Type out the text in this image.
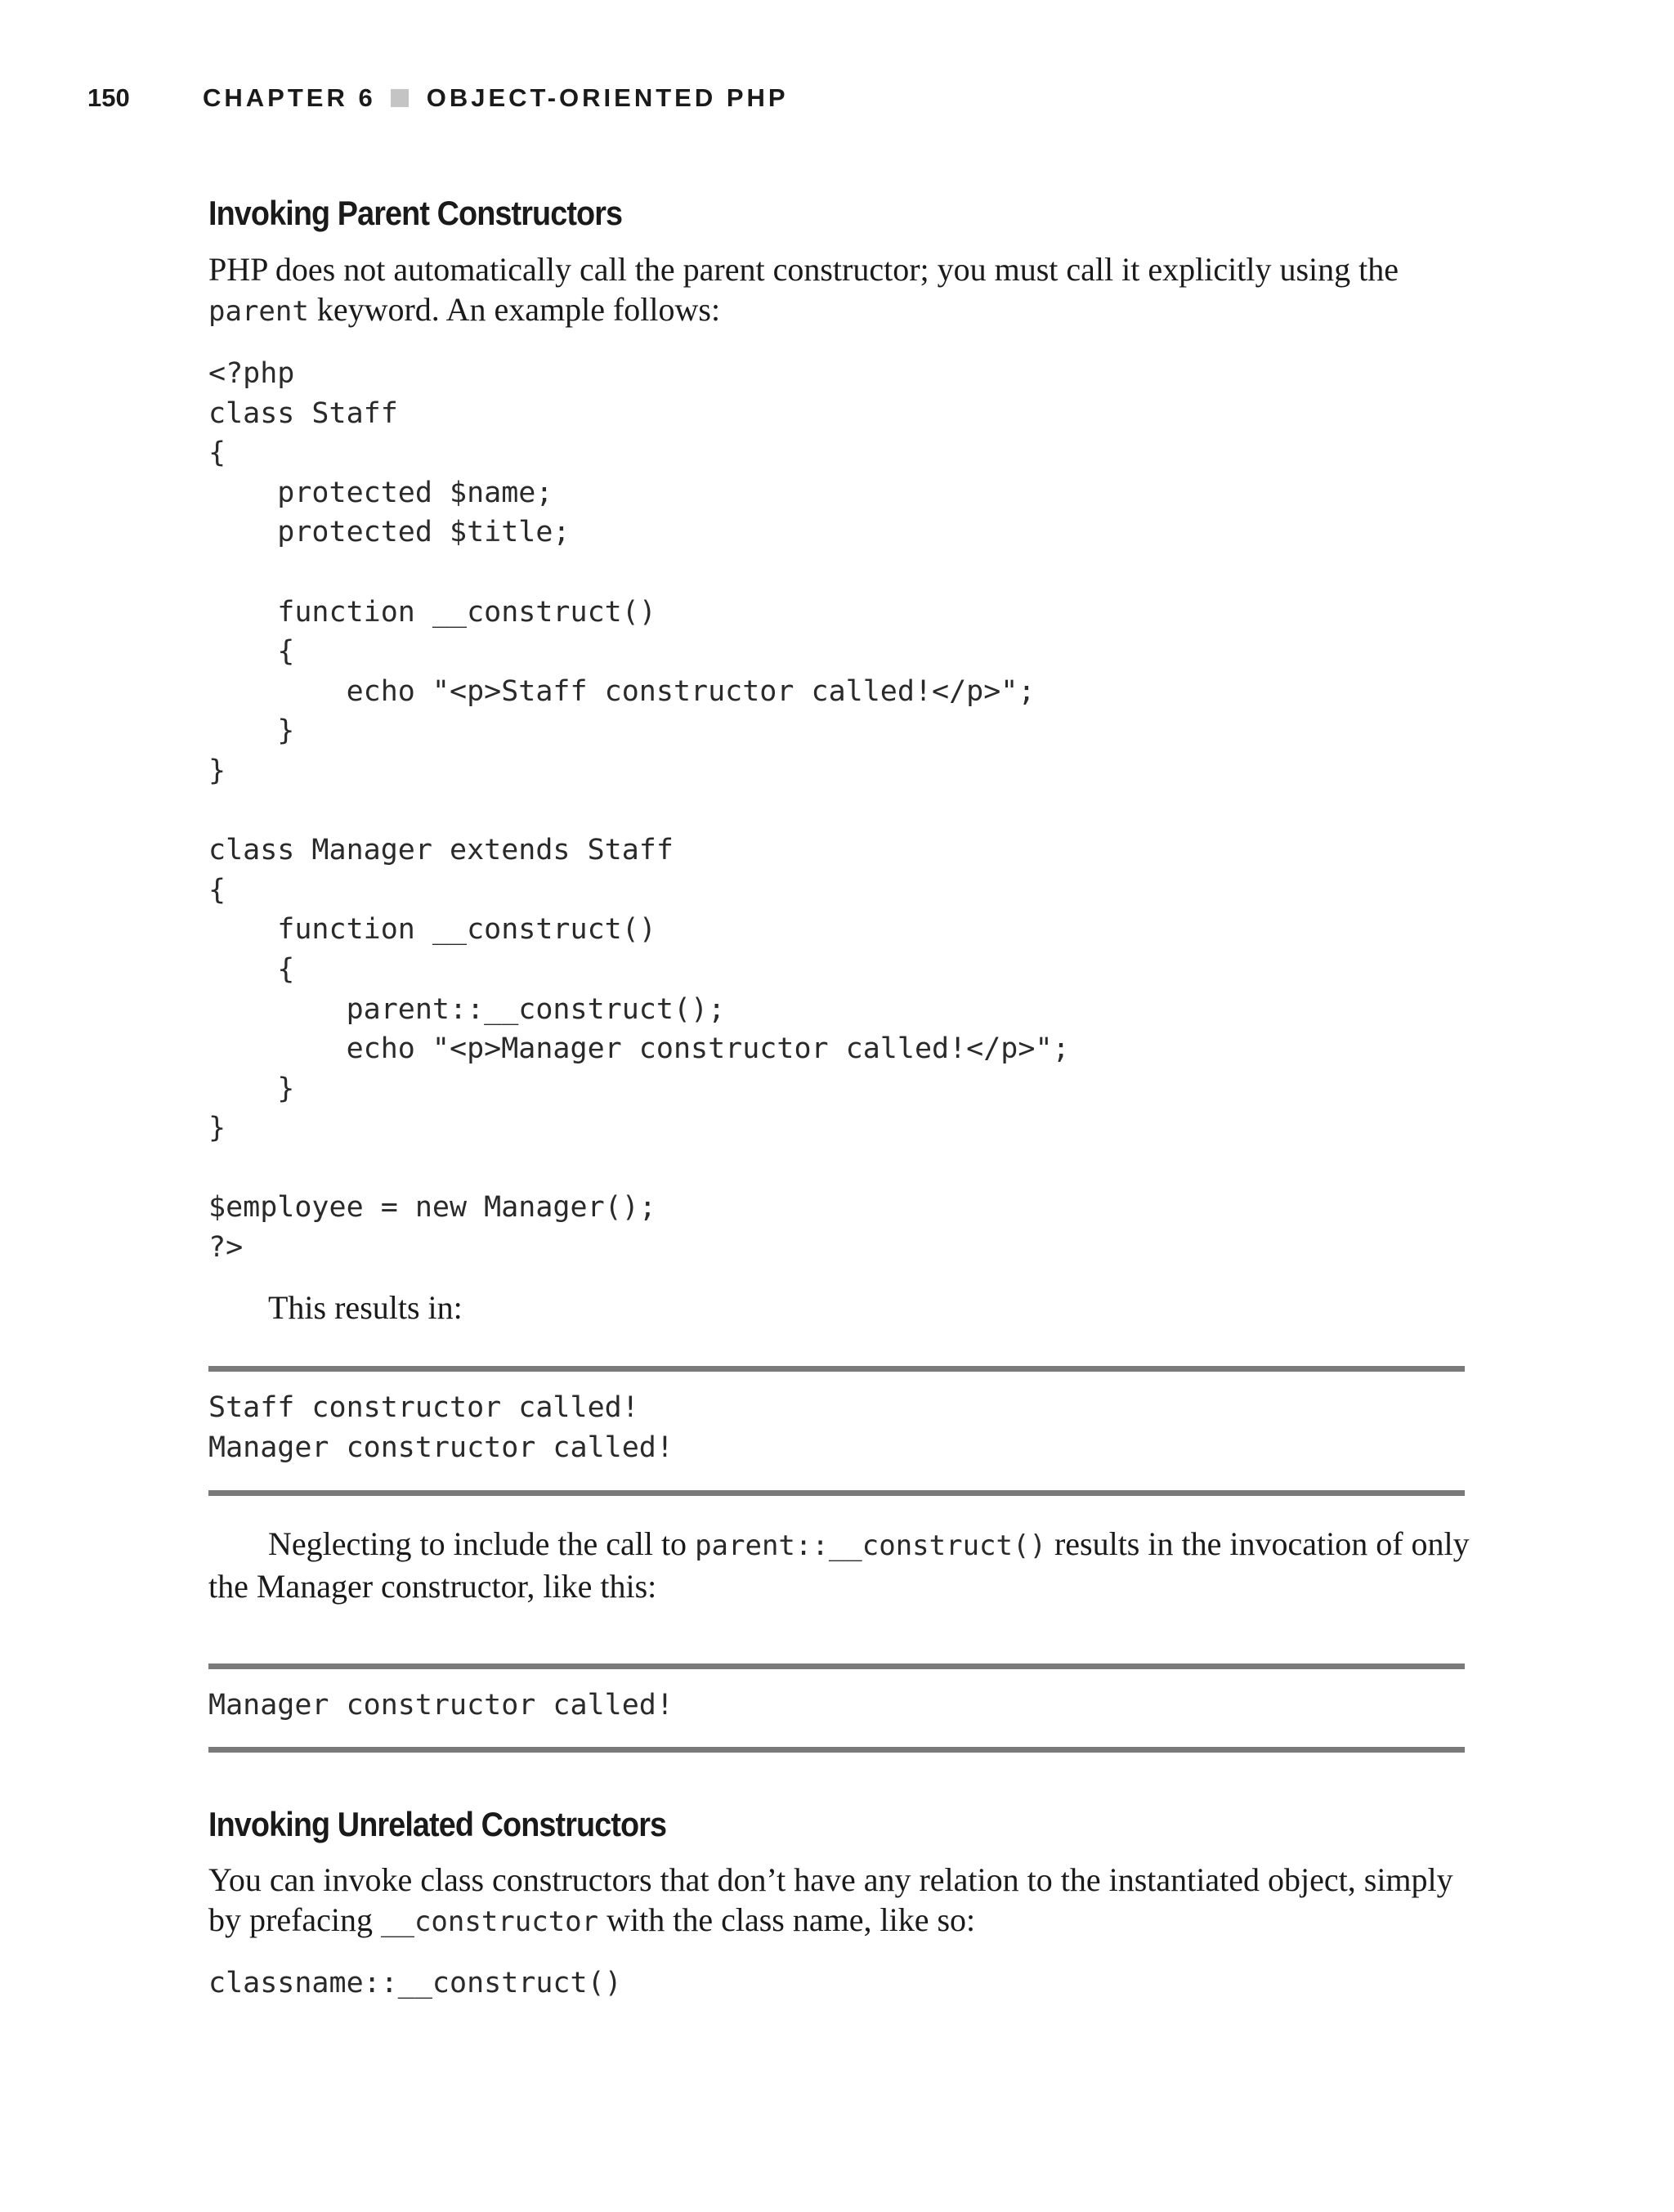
150	CHAPTER 6 OBJECT-ORIENTED PHP
Invoking Parent Constructors

PHP does not automatically call the parent constructor; you must call it explicitly using the parent keyword. An example follows:

<?php
class Staff
{
protected $name;
protected $title;

function __construct()
{
echo "<p>Staff constructor called!</p>";
}
}

class Manager extends Staff
{
function __construct()
{
parent::__construct();
echo "<p>Manager constructor called!</p>";
}
}

$employee = new Manager();
?>

This results in:

Staff constructor called!
Manager constructor called!

Neglecting to include the call to parent::__construct() results in the invocation of only the Manager constructor, like this:

Manager constructor called!
Invoking Unrelated Constructors

You can invoke class constructors that don’t have any relation to the instantiated object, simply by prefacing __constructor with the class name, like so:

classname::__construct()
